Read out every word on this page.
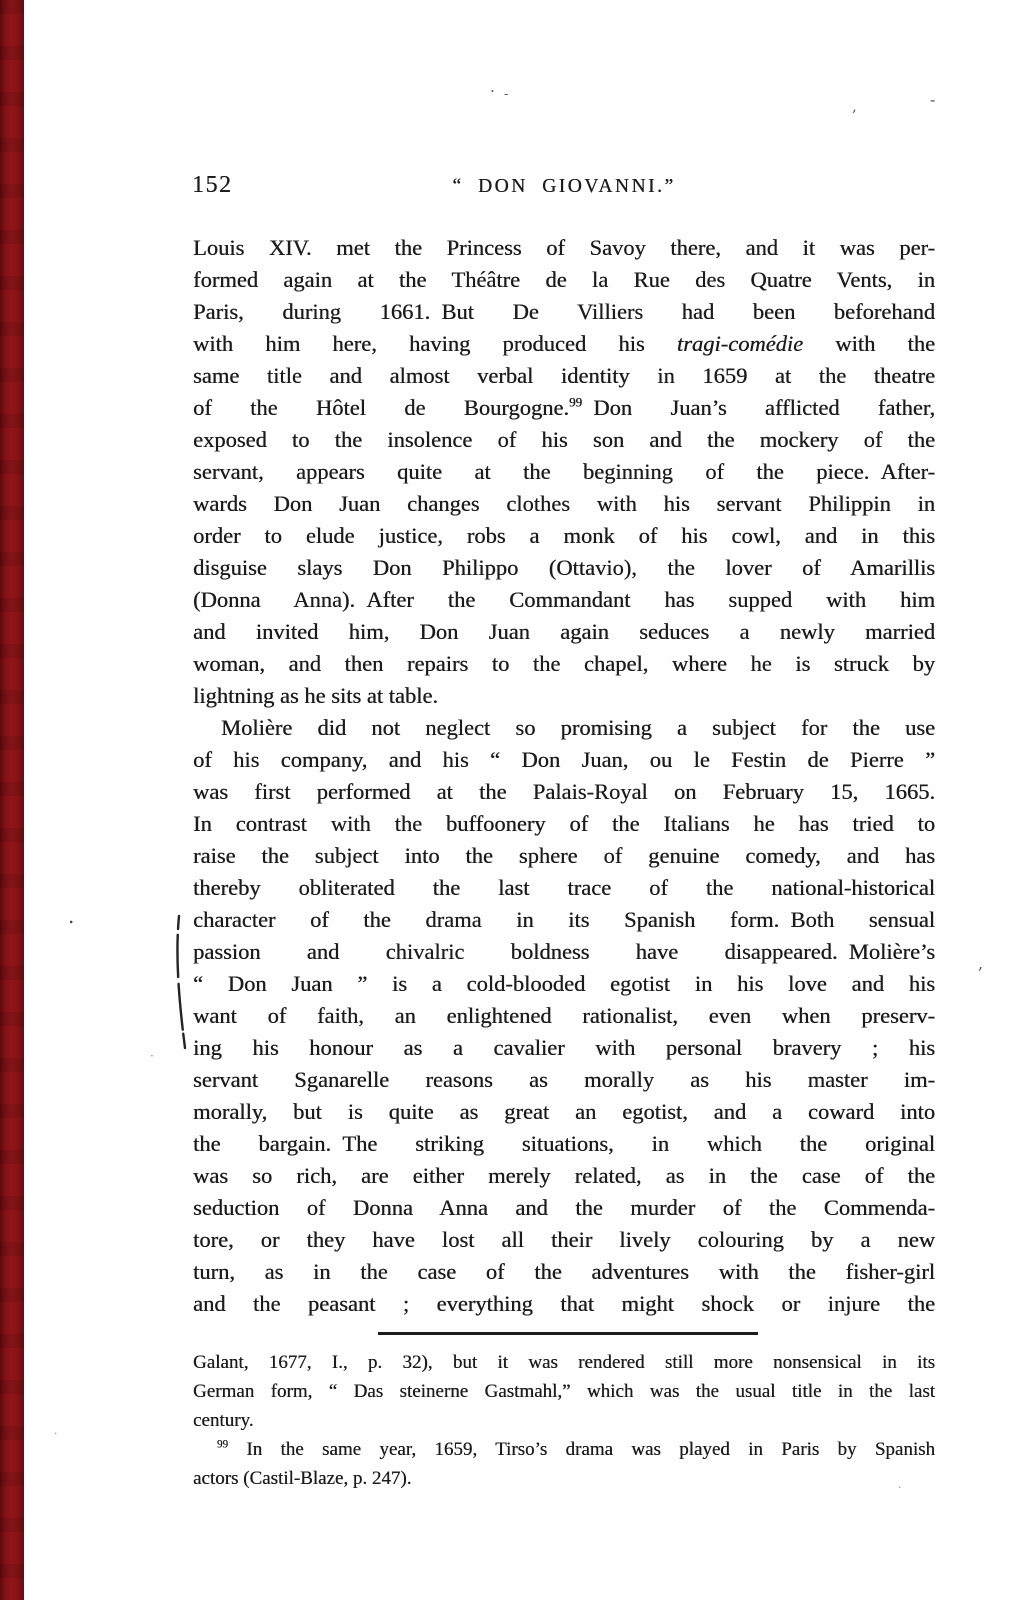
152	“ DON GIOVANNI.”
Louis XIV. met the Princess of Savoy there, and it was per-
formed again at the Théâtre de la Rue des Quatre Vents, in
Paris, during 1661. But De Villiers had been beforehand
with him here, having produced his tragi-comédie with the
same title and almost verbal identity in 1659 at the theatre
of the Hôtel de Bourgogne.$^{99}$ Don Juan’s afflicted father,
exposed to the insolence of his son and the mockery of the
servant, appears quite at the beginning of the piece. After-
wards Don Juan changes clothes with his servant Philippin in
order to elude justice, robs a monk of his cowl, and in this
disguise slays Don Philippo (Ottavio), the lover of Amarillis
(Donna Anna). After the Commandant has supped with him
and invited him, Don Juan again seduces a newly married
woman, and then repairs to the chapel, where he is struck by
lightning as he sits at table.
Molière did not neglect so promising a subject for the use
of his company, and his “ Don Juan, ou le Festin de Pierre ”
was first performed at the Palais-Royal on February 15, 1665.
In contrast with the buffoonery of the Italians he has tried to
raise the subject into the sphere of genuine comedy, and has
thereby obliterated the last trace of the national-historical
character of the drama in its Spanish form. Both sensual
passion and chivalric boldness have disappeared. Molière’s
“ Don Juan ” is a cold-blooded egotist in his love and his
want of faith, an enlightened rationalist, even when preserv-
ing his honour as a cavalier with personal bravery ; his
servant Sganarelle reasons as morally as his master im-
morally, but is quite as great an egotist, and a coward into
the bargain. The striking situations, in which the original
was so rich, are either merely related, as in the case of the
seduction of Donna Anna and the murder of the Commenda-
tore, or they have lost all their lively colouring by a new
turn, as in the case of the adventures with the fisher-girl
and the peasant ; everything that might shock or injure the
Galant, 1677, I., p. 32), but it was rendered still more nonsensical in its
German form, “ Das steinerne Gastmahl,” which was the usual title in the last
century.
$^{99}$ In the same year, 1659, Tirso’s drama was played in Paris by Spanish
actors (Castil-Blaze, p. 247).
· -
,	-
.
,
·
·
·
